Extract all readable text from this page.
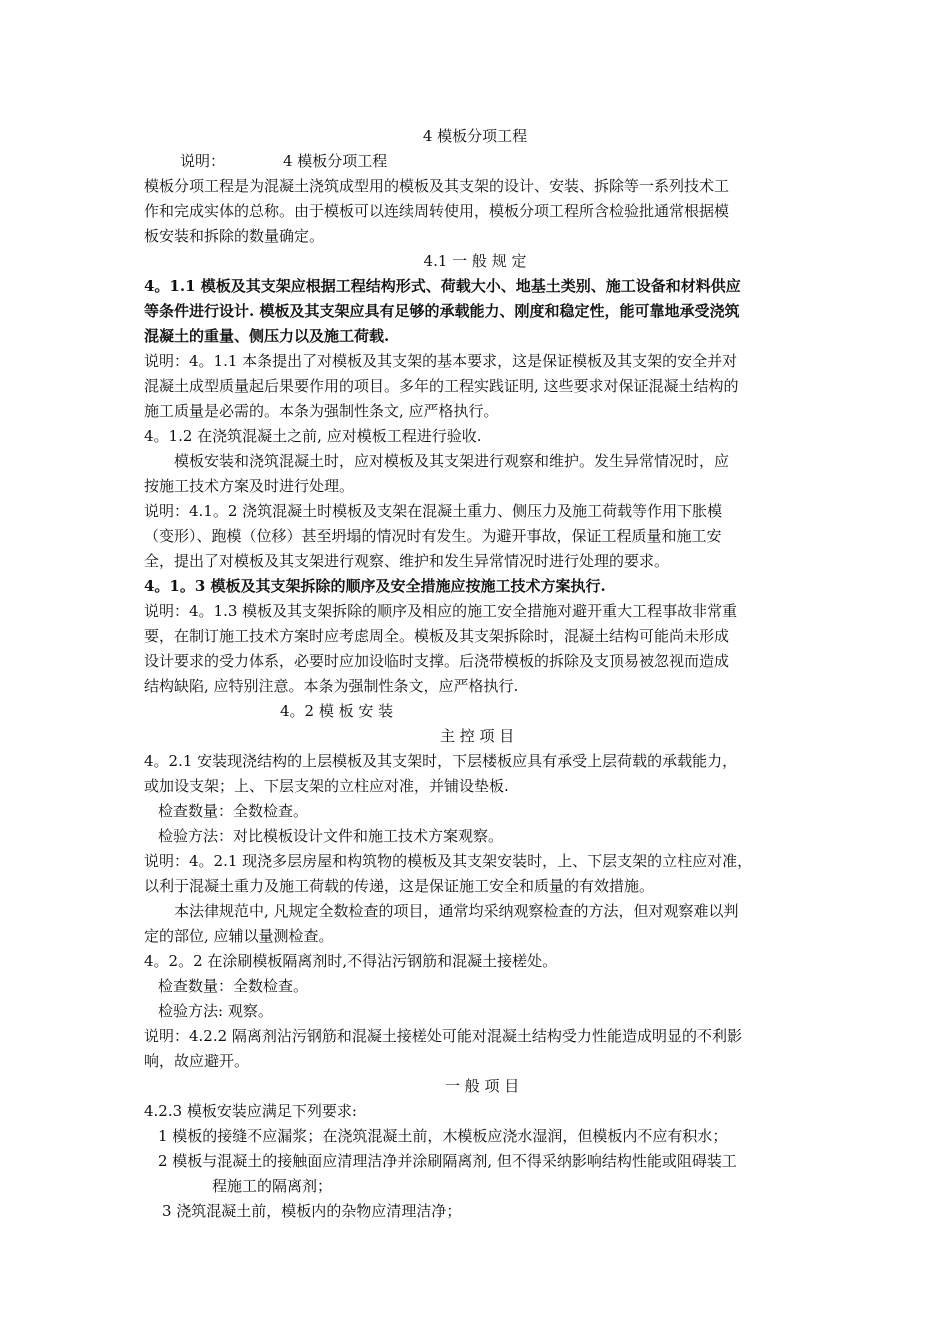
4 模板分项工程
说明：	4 模板分项工程
模板分项工程是为混凝土浇筑成型用的模板及其支架的设计、安装、拆除等一系列技术工
作和完成实体的总称。由于模板可以连续周转使用，模板分项工程所含检验批通常根据模
板安装和拆除的数量确定。
4.1 一 般 规 定
4。1.1 模板及其支架应根据工程结构形式、荷载大小、地基土类别、施工设备和材料供应
等条件进行设计. 模板及其支架应具有足够的承载能力、刚度和稳定性，能可靠地承受浇筑
混凝土的重量、侧压力以及施工荷载.
说明：4。1.1 本条提出了对模板及其支架的基本要求，这是保证模板及其支架的安全并对
混凝土成型质量起后果要作用的项目。多年的工程实践证明, 这些要求对保证混凝土结构的
施工质量是必需的。本条为强制性条文, 应严格执行。
4。1.2 在浇筑混凝土之前, 应对模板工程进行验收.
模板安装和浇筑混凝土时，应对模板及其支架进行观察和维护。发生异常情况时，应
按施工技术方案及时进行处理。
说明：4.1。2 浇筑混凝土时模板及支架在混凝土重力、侧压力及施工荷载等作用下胀模
（变形）、跑模（位移）甚至坍塌的情况时有发生。为避开事故，保证工程质量和施工安
全，提出了对模板及其支架进行观察、维护和发生异常情况时进行处理的要求。
4。1。3 模板及其支架拆除的顺序及安全措施应按施工技术方案执行.
说明：4。1.3 模板及其支架拆除的顺序及相应的施工安全措施对避开重大工程事故非常重
要，在制订施工技术方案时应考虑周全。模板及其支架拆除时，混凝土结构可能尚未形成
设计要求的受力体系，必要时应加设临时支撑。后浇带模板的拆除及支顶易被忽视而造成
结构缺陷, 应特别注意。本条为强制性条文，应严格执行.
4。2 模 板 安 装
主 控 项 目
4。2.1 安装现浇结构的上层模板及其支架时，下层楼板应具有承受上层荷载的承载能力，
或加设支架；上、下层支架的立柱应对准，并铺设垫板.
检查数量：全数检查。
检验方法：对比模板设计文件和施工技术方案观察。
说明：4。2.1 现浇多层房屋和构筑物的模板及其支架安装时，上、下层支架的立柱应对准，
以利于混凝土重力及施工荷载的传递，这是保证施工安全和质量的有效措施。
本法律规范中, 凡规定全数检查的项目，通常均采纳观察检查的方法，但对观察难以判
定的部位, 应辅以量测检查。
4。2。2 在涂刷模板隔离剂时,不得沾污钢筋和混凝土接槎处。
检查数量：全数检查。
检验方法: 观察。
说明：4.2.2 隔离剂沾污钢筋和混凝土接槎处可能对混凝土结构受力性能造成明显的不利影
响，故应避开。
一 般 项 目
4.2.3 模板安装应满足下列要求:
1 模板的接缝不应漏浆；在浇筑混凝土前，木模板应浇水湿润，但模板内不应有积水；
2 模板与混凝土的接触面应清理洁净并涂刷隔离剂, 但不得采纳影响结构性能或阻碍装工
程施工的隔离剂；
3 浇筑混凝土前，模板内的杂物应清理洁净；
